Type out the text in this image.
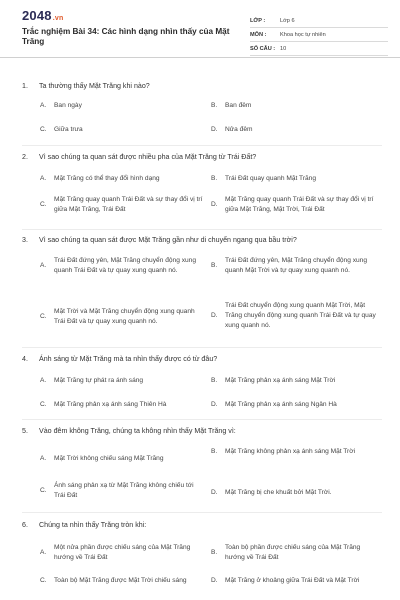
2048.vn
Trắc nghiệm Bài 34: Các hình dạng nhìn thấy của Mặt Trăng
LỚP :	Lớp 6
MÔN :	Khoa học tự nhiên
SỐ CÂU : 10
1. Ta thường thấy Mặt Trăng khi nào?
A.	Ban ngày	B.	Ban đêm
C.	Giữa trưa	D.	Nửa đêm
2. Vì sao chúng ta quan sát được nhiều pha của Mặt Trăng từ Trái Đất?
A.	Mặt Trăng có thể thay đổi hình dạng	B.	Trái Đất quay quanh Mặt Trăng
C.
Mặt Trăng quay quanh Trái Đất và sự thay đổi vị trí giữa Mặt Trăng, Trái Đất
D.
Mặt Trăng quay quanh Trái Đất và sự thay đổi vị trí giữa Mặt Trăng, Mặt Trời, Trái Đất
3. Vì sao chúng ta quan sát được Mặt Trăng gần như di chuyển ngang qua bầu trời?
A.
Trái Đất đứng yên, Mặt Trăng chuyển động xung quanh Trái Đất và tự quay xung quanh nó.
B.
Trái Đất đứng yên, Mặt Trăng chuyển động xung quanh Mặt Trời và tự quay xung quanh nó.
C.
Mặt Trời và Mặt Trăng chuyển động xung quanh Trái Đất và tự quay xung quanh nó.
D.
Trái Đất chuyển động xung quanh Mặt Trời, Mặt Trăng chuyển động xung quanh Trái Đất và tự quay xung quanh nó.
4. Ánh sáng từ Mặt Trăng mà ta nhìn thấy được có từ đâu?
A.	Mặt Trăng tự phát ra ánh sáng	B.	Mặt Trăng phản xạ ánh sáng Mặt Trời
C.	Mặt Trăng phản xạ ánh sáng Thiên Hà	D.	Mặt Trăng phản xạ ánh sáng Ngân Hà
5. Vào đêm không Trăng, chúng ta không nhìn thấy Mặt Trăng vì:
A.	Mặt Trời không chiếu sáng Mặt Trăng
B.	Mặt Trăng không phản xạ ánh sáng Mặt Trời
C.
Ánh sáng phản xạ từ Mặt Trăng không chiếu tới Trái Đất	D.	Mặt Trăng bị che khuất bởi Mặt Trời.
6. Chúng ta nhìn thấy Trăng tròn khi:
A.
Một nửa phần được chiếu sáng của Mặt Trăng hướng về Trái Đất
B.
Toàn bộ phần được chiếu sáng của Mặt Trăng hướng về Trái Đất
C.	Toàn bộ Mặt Trăng được Mặt Trời chiếu sáng	D.	Mặt Trăng ở khoảng giữa Trái Đất và Mặt Trời
